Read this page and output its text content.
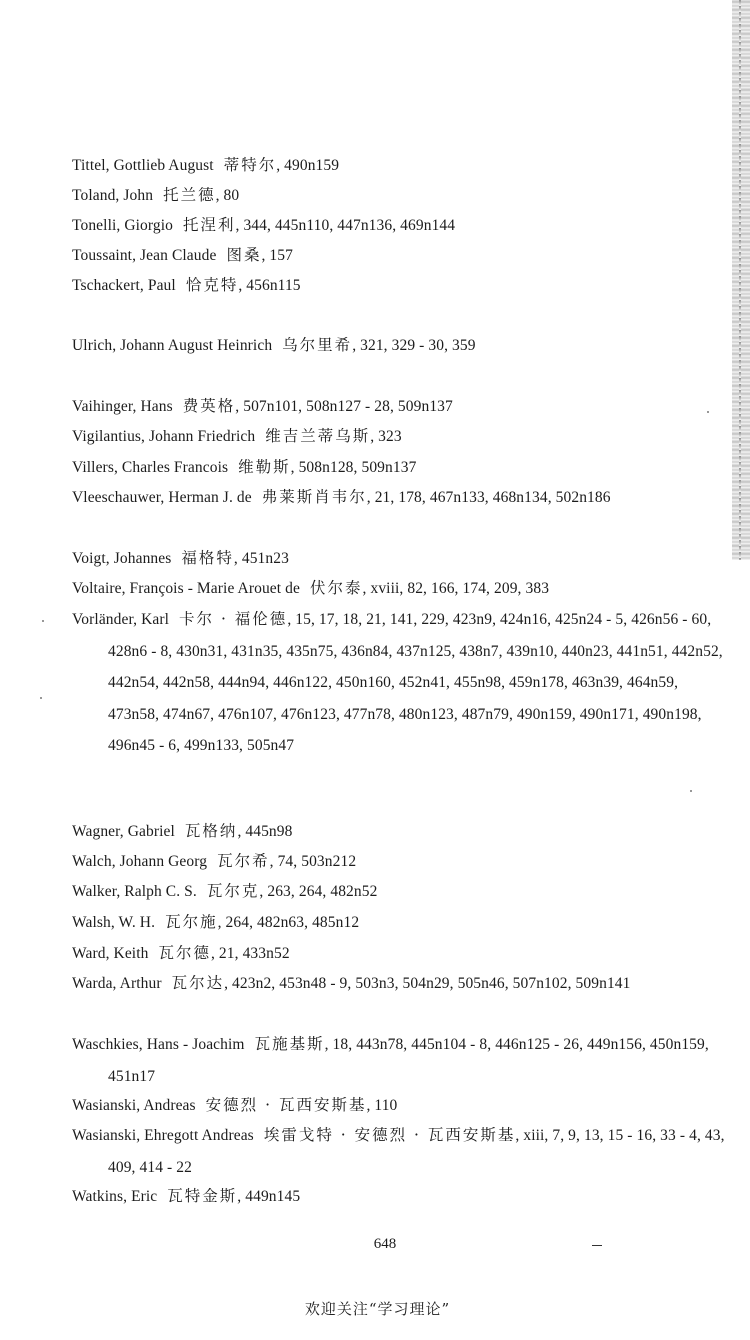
Tittel, Gottlieb August 蒂特尔, 490n159
Toland, John 托兰德, 80
Tonelli, Giorgio 托涅利, 344, 445n110, 447n136, 469n144
Toussaint, Jean Claude 图桑, 157
Tschackert, Paul 恰克特, 456n115
Ulrich, Johann August Heinrich 乌尔里希, 321, 329 - 30, 359
Vaihinger, Hans 费英格, 507n101, 508n127 - 28, 509n137
Vigilantius, Johann Friedrich 维吉兰蒂乌斯, 323
Villers, Charles Francois 维勒斯, 508n128, 509n137
Vleeschauwer, Herman J. de 弗莱斯肖韦尔, 21, 178, 467n133, 468n134, 502n186
Voigt, Johannes 福格特, 451n23
Voltaire, François - Marie Arouet de 伏尔泰, xviii, 82, 166, 174, 209, 383
Vorländer, Karl 卡尔 · 福伦德, 15, 17, 18, 21, 141, 229, 423n9, 424n16, 425n24 - 5, 426n56 - 60, 428n6 - 8, 430n31, 431n35, 435n75, 436n84, 437n125, 438n7, 439n10, 440n23, 441n51, 442n52, 442n54, 442n58, 444n94, 446n122, 450n160, 452n41, 455n98, 459n178, 463n39, 464n59, 473n58, 474n67, 476n107, 476n123, 477n78, 480n123, 487n79, 490n159, 490n171, 490n198, 496n45 - 6, 499n133, 505n47
Wagner, Gabriel 瓦格纳, 445n98
Walch, Johann Georg 瓦尔希, 74, 503n212
Walker, Ralph C. S. 瓦尔克, 263, 264, 482n52
Walsh, W. H. 瓦尔施, 264, 482n63, 485n12
Ward, Keith 瓦尔德, 21, 433n52
Warda, Arthur 瓦尔达, 423n2, 453n48 - 9, 503n3, 504n29, 505n46, 507n102, 509n141
Waschkies, Hans - Joachim 瓦施基斯, 18, 443n78, 445n104 - 8, 446n125 - 26, 449n156, 450n159, 451n17
Wasianski, Andreas 安德烈 · 瓦西安斯基, 110
Wasianski, Ehregott Andreas 埃雷戈特 · 安德烈 · 瓦西安斯基, xiii, 7, 9, 13, 15 - 16, 33 - 4, 43, 409, 414 - 22
Watkins, Eric 瓦特金斯, 449n145
648
欢迎关注“学习理论”
